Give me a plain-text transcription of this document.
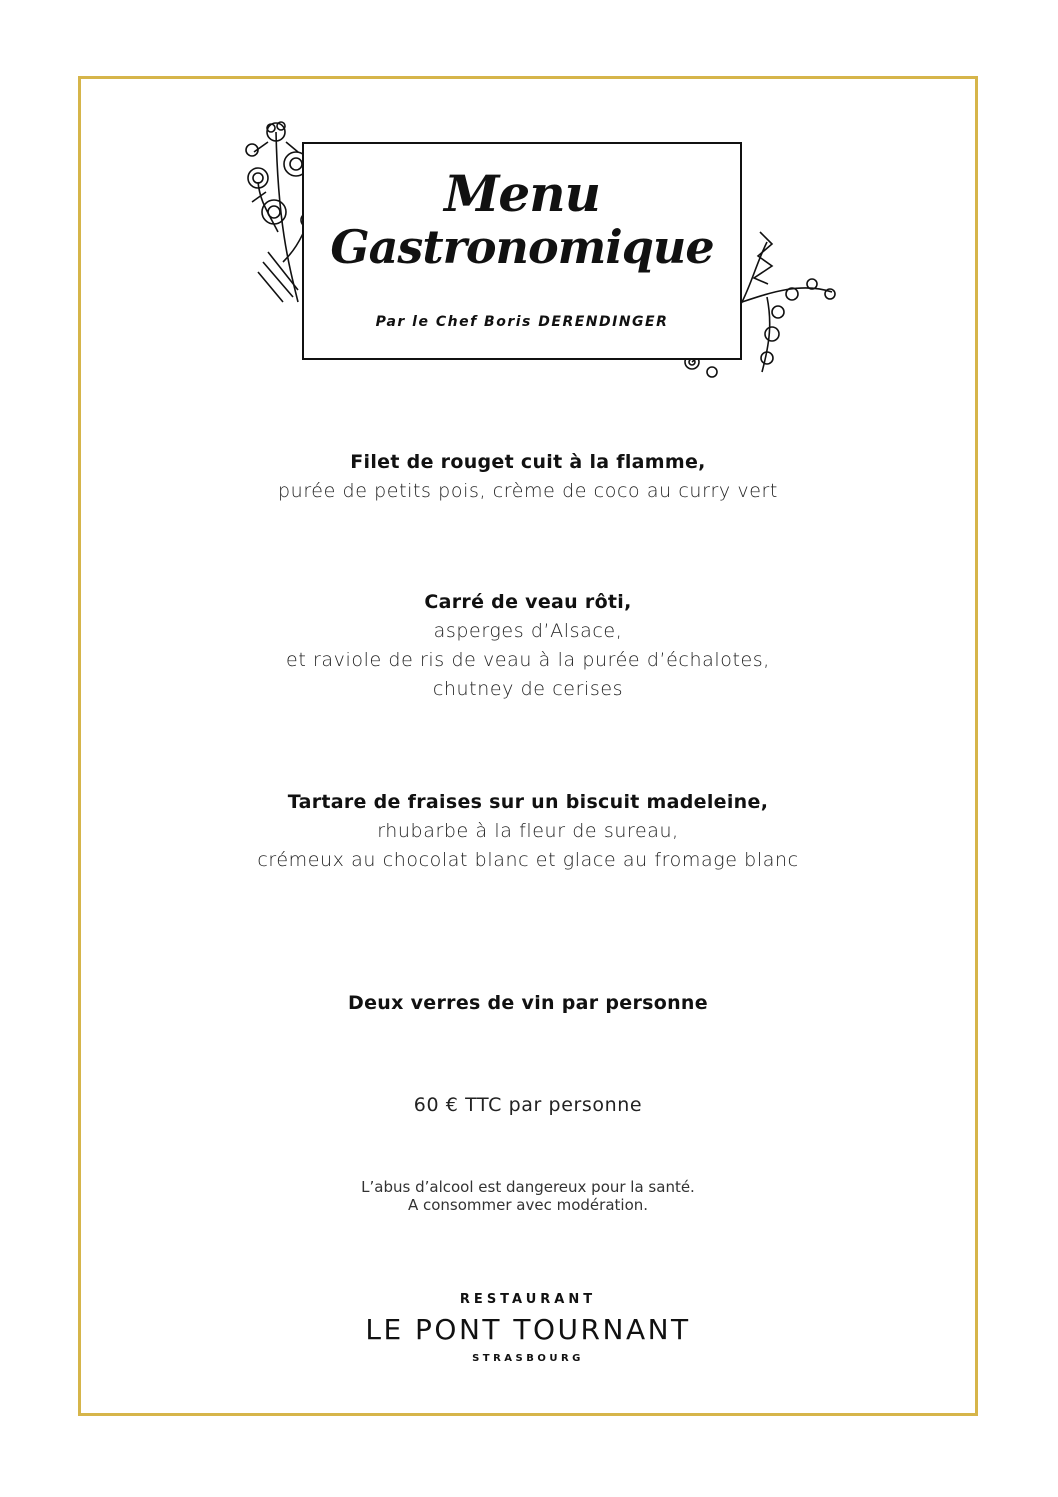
Menu
Gastronomique
Par le Chef Boris DERENDINGER
Filet de rouget cuit à la flamme,
purée de petits pois, crème de coco au curry vert
Carré de veau rôti,
asperges d’Alsace,
et raviole de ris de veau à la purée d’échalotes,
chutney de cerises
Tartare de fraises sur un biscuit madeleine,
rhubarbe à la fleur de sureau,
crémeux au chocolat blanc et glace au fromage blanc
Deux verres de vin par personne
60 € TTC par personne
L’abus d’alcool est dangereux pour la santé.
A consommer avec modération.
RESTAURANT
LE PONT TOURNANT
STRASBOURG
